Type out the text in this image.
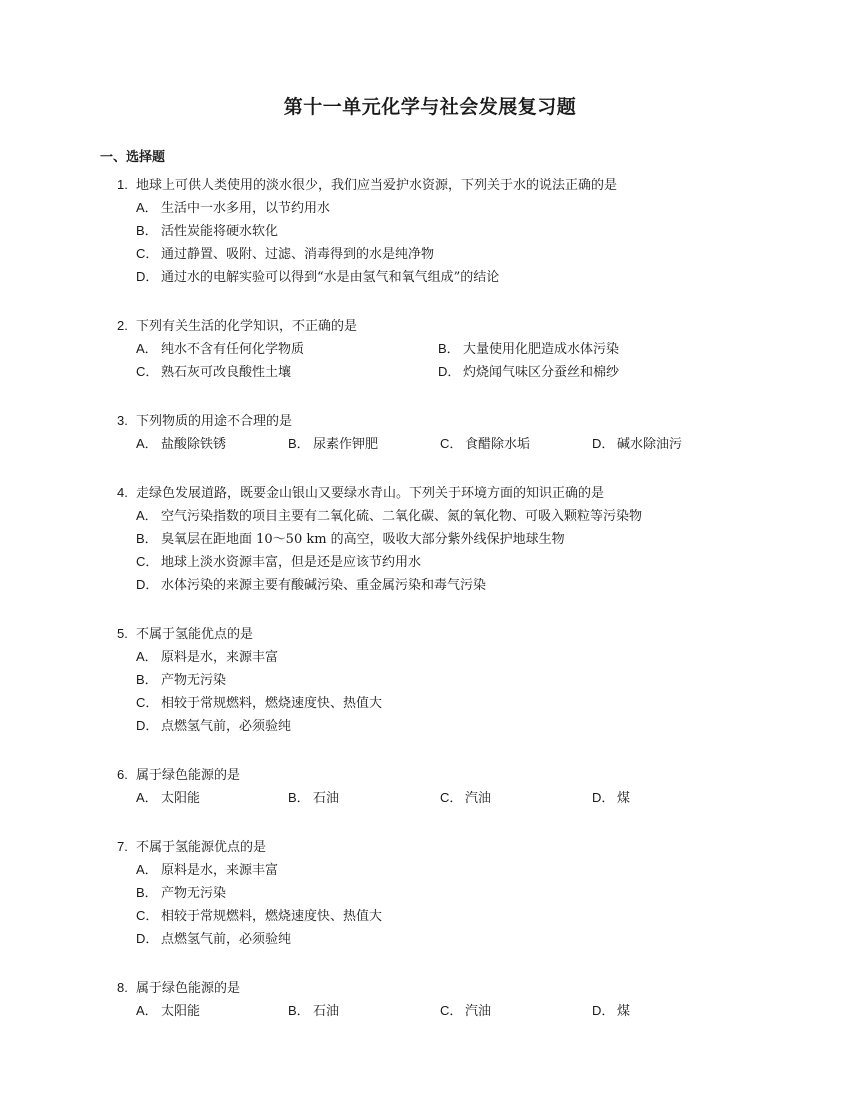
第十一单元化学与社会发展复习题
一、选择题
1. 地球上可供人类使用的淡水很少，我们应当爱护水资源，下列关于水的说法正确的是
A． 生活中一水多用，以节约用水
B． 活性炭能将硬水软化
C． 通过静置、吸附、过滤、消毒得到的水是纯净物
D． 通过水的电解实验可以得到“水是由氢气和氧气组成”的结论
2. 下列有关生活的化学知识，不正确的是
A． 纯水不含有任何化学物质	B． 大量使用化肥造成水体污染
C． 熟石灰可改良酸性土壤	D． 灼烧闻气味区分蚕丝和棉纱
3. 下列物质的用途不合理的是
A． 盐酸除铁锈	B． 尿素作钾肥	C． 食醋除水垢	D． 碱水除油污
4. 走绿色发展道路，既要金山银山又要绿水青山。下列关于环境方面的知识正确的是
A． 空气污染指数的项目主要有二氧化硫、二氧化碳、氮的氧化物、可吸入颗粒等污染物
B． 臭氧层在距地面 10～50 km 的高空，吸收大部分紫外线保护地球生物
C． 地球上淡水资源丰富，但是还是应该节约用水
D． 水体污染的来源主要有酸碱污染、重金属污染和毒气污染
5. 不属于氢能优点的是
A． 原料是水，来源丰富
B． 产物无污染
C． 相较于常规燃料，燃烧速度快、热值大
D． 点燃氢气前，必须验纯
6. 属于绿色能源的是
A． 太阳能	B． 石油	C． 汽油	D． 煤
7. 不属于氢能源优点的是
A． 原料是水，来源丰富
B． 产物无污染
C． 相较于常规燃料，燃烧速度快、热值大
D． 点燃氢气前，必须验纯
8. 属于绿色能源的是
A． 太阳能	B． 石油	C． 汽油	D． 煤
